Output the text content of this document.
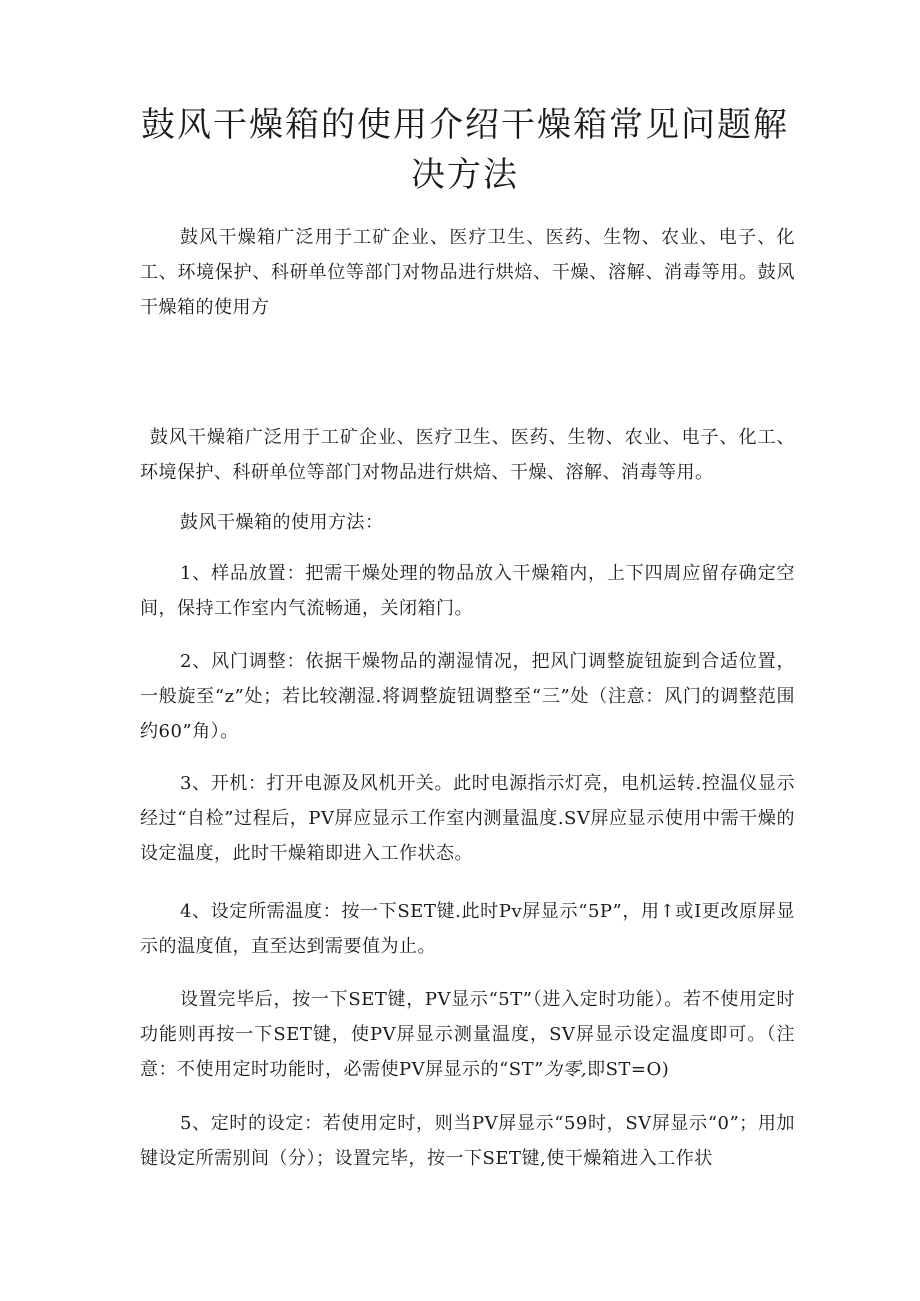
鼓风干燥箱的使用介绍干燥箱常见问题解决方法

鼓风干燥箱广泛用于工矿企业、医疗卫生、医药、生物、农业、电子、化工、环境保护、科研单位等部门对物品进行烘焙、干燥、溶解、消毒等用。鼓风干燥箱的使用方

鼓风干燥箱广泛用于工矿企业、医疗卫生、医药、生物、农业、电子、化工、环境保护、科研单位等部门对物品进行烘焙、干燥、溶解、消毒等用。

鼓风干燥箱的使用方法：

1、样品放置：把需干燥处理的物品放入干燥箱内，上下四周应留存确定空间，保持工作室内气流畅通，关闭箱门。

2、风门调整：依据干燥物品的潮湿情况，把风门调整旋钮旋到合适位置，一般旋至“z”处；若比较潮湿.将调整旋钮调整至“三”处（注意：风门的调整范围约60”角）。

3、开机：打开电源及风机开关。此时电源指示灯亮，电机运转.控温仪显示经过“自检”过程后，PV屏应显示工作室内测量温度.SV屏应显示使用中需干燥的设定温度，此时干燥箱即进入工作状态。

4、设定所需温度：按一下SET键.此时Pv屏显示“5P”，用↑或I更改原屏显示的温度值，直至达到需要值为止。

设置完毕后，按一下SET键，PV显示“5T”（进入定时功能）。若不使用定时功能则再按一下SET键，使PV屏显示测量温度，SV屏显示设定温度即可。（注意：不使用定时功能时，必需使PV屏显示的“ST”为零,即ST=O)

5、定时的设定：若使用定时，则当PV屏显示“59时，SV屏显示“0”；用加键设定所需别间（分）；设置完毕，按一下SET键,使干燥箱进入工作状
